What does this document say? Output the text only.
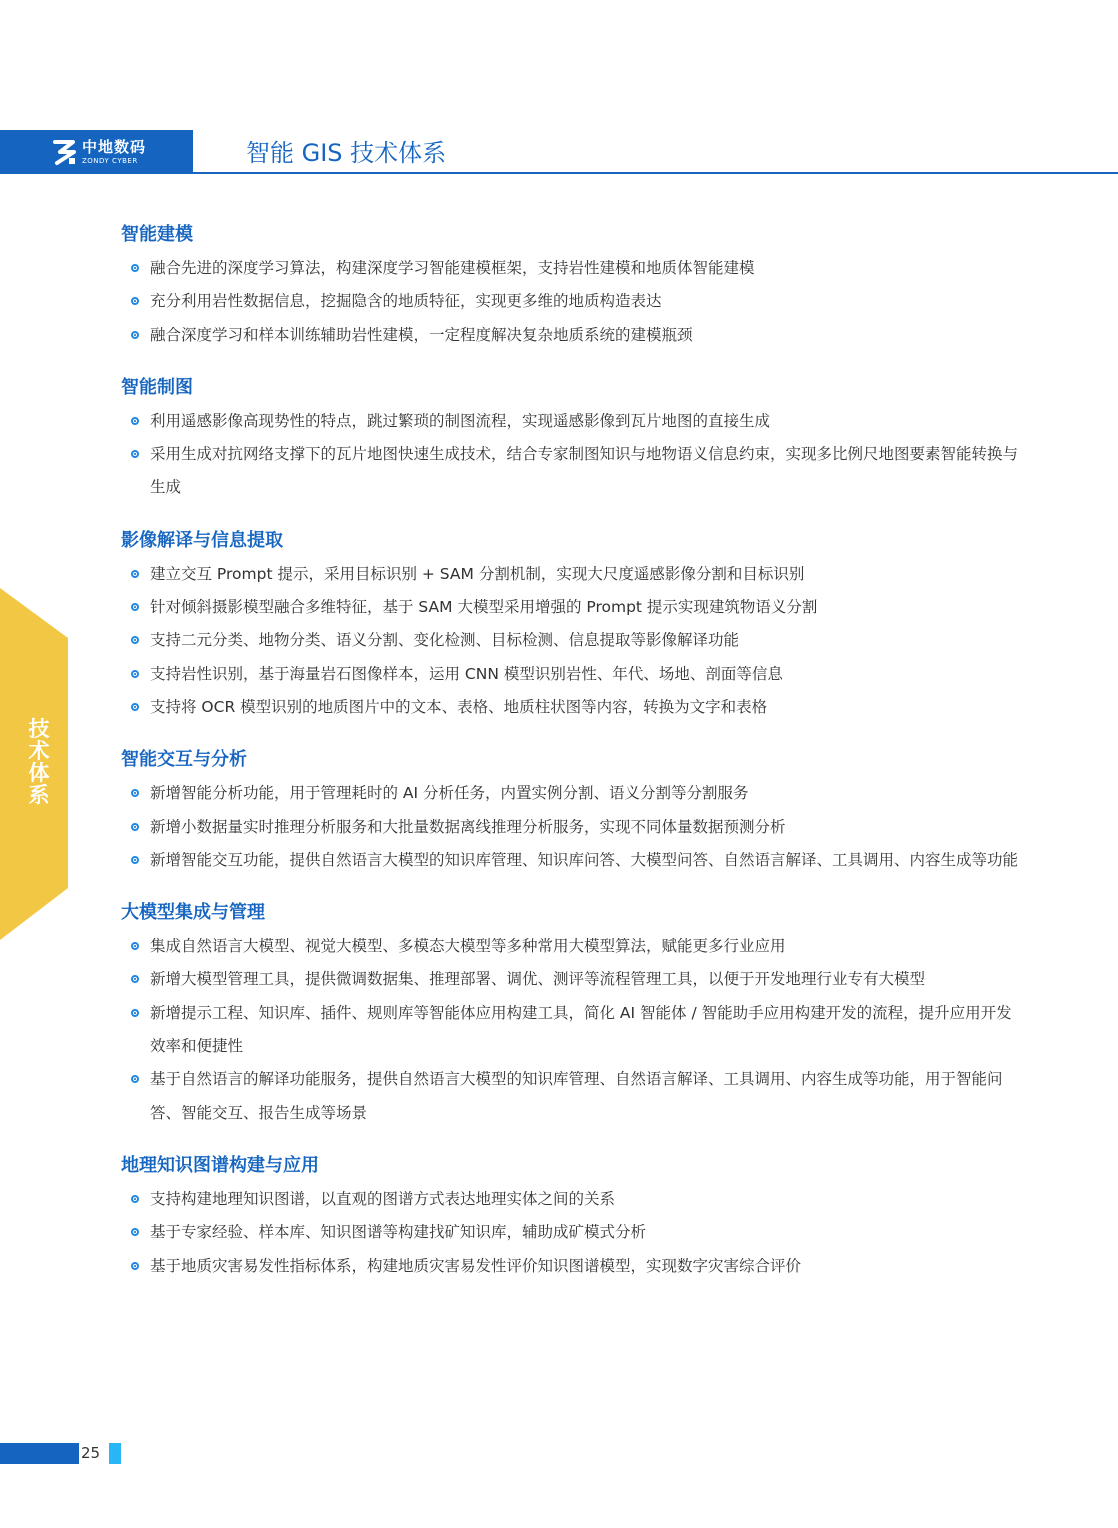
中地数码
ZONDY CYBER	智能 GIS 技术体系
技
术
体
系
智能建模
融合先进的深度学习算法，构建深度学习智能建模框架，支持岩性建模和地质体智能建模
充分利用岩性数据信息，挖掘隐含的地质特征，实现更多维的地质构造表达
融合深度学习和样本训练辅助岩性建模，一定程度解决复杂地质系统的建模瓶颈
智能制图
利用遥感影像高现势性的特点，跳过繁琐的制图流程，实现遥感影像到瓦片地图的直接生成
采用生成对抗网络支撑下的瓦片地图快速生成技术，结合专家制图知识与地物语义信息约束，实现多比例尺地图要素智能转换与生成
影像解译与信息提取
建立交互 Prompt 提示，采用目标识别 + SAM 分割机制，实现大尺度遥感影像分割和目标识别
针对倾斜摄影模型融合多维特征，基于 SAM 大模型采用增强的 Prompt 提示实现建筑物语义分割
支持二元分类、地物分类、语义分割、变化检测、目标检测、信息提取等影像解译功能
支持岩性识别，基于海量岩石图像样本，运用 CNN 模型识别岩性、年代、场地、剖面等信息
支持将 OCR 模型识别的地质图片中的文本、表格、地质柱状图等内容，转换为文字和表格
智能交互与分析
新增智能分析功能，用于管理耗时的 AI 分析任务，内置实例分割、语义分割等分割服务
新增小数据量实时推理分析服务和大批量数据离线推理分析服务，实现不同体量数据预测分析
新增智能交互功能，提供自然语言大模型的知识库管理、知识库问答、大模型问答、自然语言解译、工具调用、内容生成等功能
大模型集成与管理
集成自然语言大模型、视觉大模型、多模态大模型等多种常用大模型算法，赋能更多行业应用
新增大模型管理工具，提供微调数据集、推理部署、调优、测评等流程管理工具，以便于开发地理行业专有大模型
新增提示工程、知识库、插件、规则库等智能体应用构建工具，简化 AI 智能体 / 智能助手应用构建开发的流程，提升应用开发效率和便捷性
基于自然语言的解译功能服务，提供自然语言大模型的知识库管理、自然语言解译、工具调用、内容生成等功能，用于智能问答、智能交互、报告生成等场景
地理知识图谱构建与应用
支持构建地理知识图谱，以直观的图谱方式表达地理实体之间的关系
基于专家经验、样本库、知识图谱等构建找矿知识库，辅助成矿模式分析
基于地质灾害易发性指标体系，构建地质灾害易发性评价知识图谱模型，实现数字灾害综合评价
25
